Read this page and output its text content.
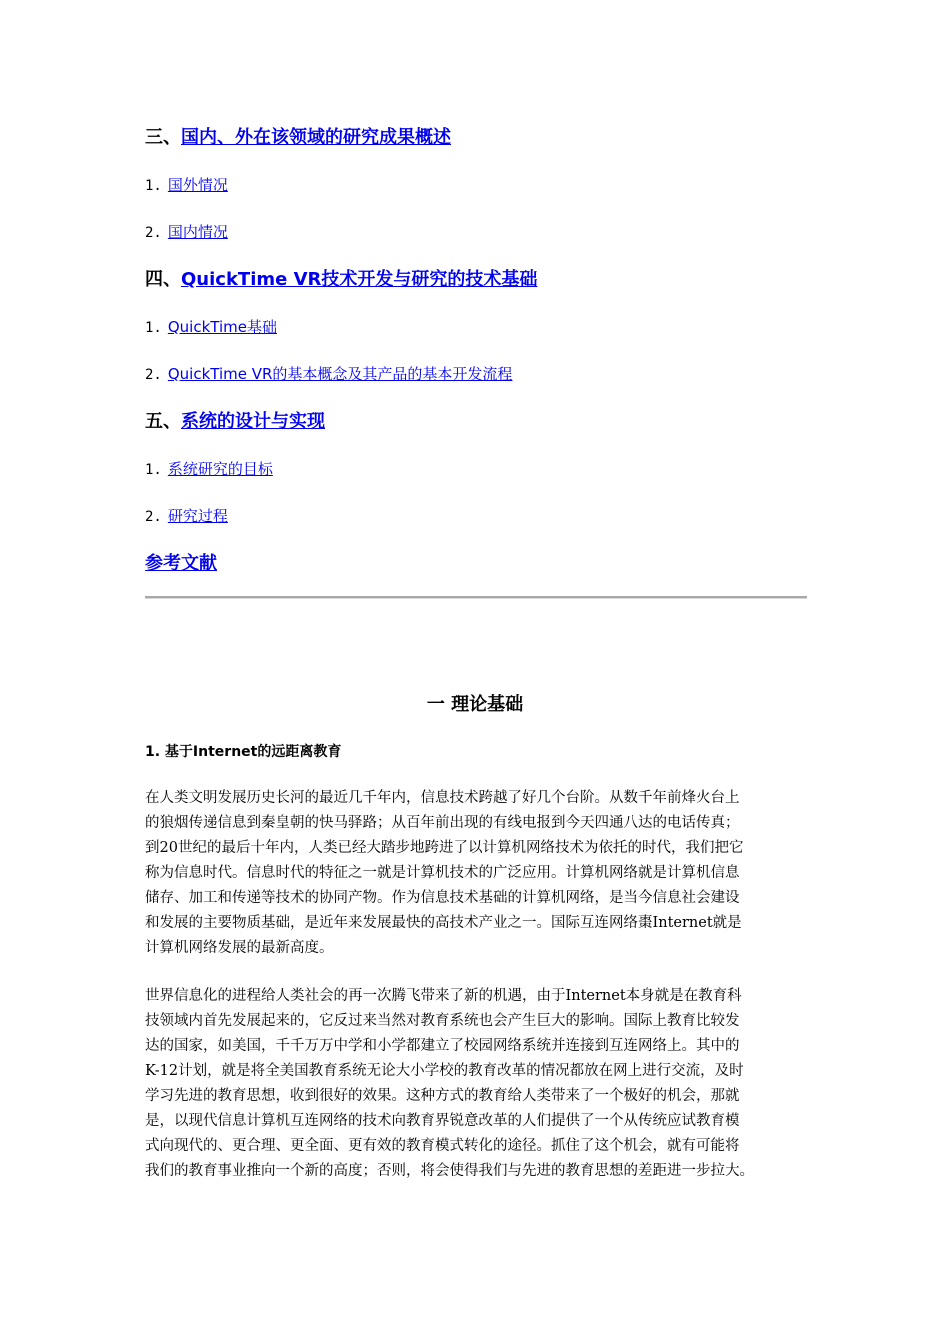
三、国内、外在该领域的研究成果概述
1. 国外情况
2. 国内情况
四、QuickTime VR技术开发与研究的技术基础
1. QuickTime基础
2. QuickTime VR的基本概念及其产品的基本开发流程
五、系统的设计与实现
1. 系统研究的目标
2. 研究过程
参考文献
一 理论基础
1. 基于Internet的远距离教育
在人类文明发展历史长河的最近几千年内，信息技术跨越了好几个台阶。从数千年前烽火台上
的狼烟传递信息到秦皇朝的快马驿路；从百年前出现的有线电报到今天四通八达的电话传真；
到20世纪的最后十年内，人类已经大踏步地跨进了以计算机网络技术为依托的时代，我们把它
称为信息时代。信息时代的特征之一就是计算机技术的广泛应用。计算机网络就是计算机信息
储存、加工和传递等技术的协同产物。作为信息技术基础的计算机网络，是当今信息社会建设
和发展的主要物质基础，是近年来发展最快的高技术产业之一。国际互连网络棗Internet就是
计算机网络发展的最新高度。
世界信息化的进程给人类社会的再一次腾飞带来了新的机遇，由于Internet本身就是在教育科
技领域内首先发展起来的，它反过来当然对教育系统也会产生巨大的影响。国际上教育比较发
达的国家，如美国，千千万万中学和小学都建立了校园网络系统并连接到互连网络上。其中的
K-12计划，就是将全美国教育系统无论大小学校的教育改革的情况都放在网上进行交流，及时
学习先进的教育思想，收到很好的效果。这种方式的教育给人类带来了一个极好的机会，那就
是，以现代信息计算机互连网络的技术向教育界锐意改革的人们提供了一个从传统应试教育模
式向现代的、更合理、更全面、更有效的教育模式转化的途径。抓住了这个机会，就有可能将
我们的教育事业推向一个新的高度；否则，将会使得我们与先进的教育思想的差距进一步拉大。
